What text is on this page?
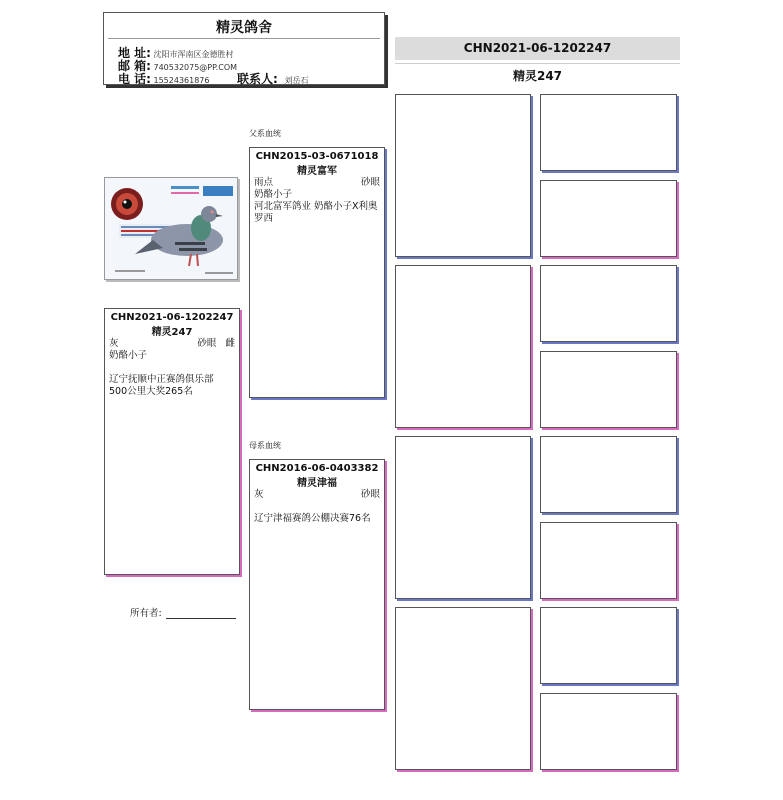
精灵鸽舍
地 址: 沈阳市浑南区金德胜村
邮 箱: 740532075@PP.COM
电 话: 15524361876 联系人: 刘岳石
CHN2021-06-1202247
精灵247
CHN2021-06-1202247
精灵247
灰	砂眼 雌
奶酪小子
辽宁抚顺中正赛鸽俱乐部
500公里大奖265名
所有者:
父系血统
CHN2015-03-0671018
精灵富军
雨点	砂眼
奶酪小子
河北富军鸽业 奶酪小子X利奥罗西
母系血统
CHN2016-06-0403382
精灵津福
灰	砂眼
辽宁津福赛鸽公棚决赛76名
